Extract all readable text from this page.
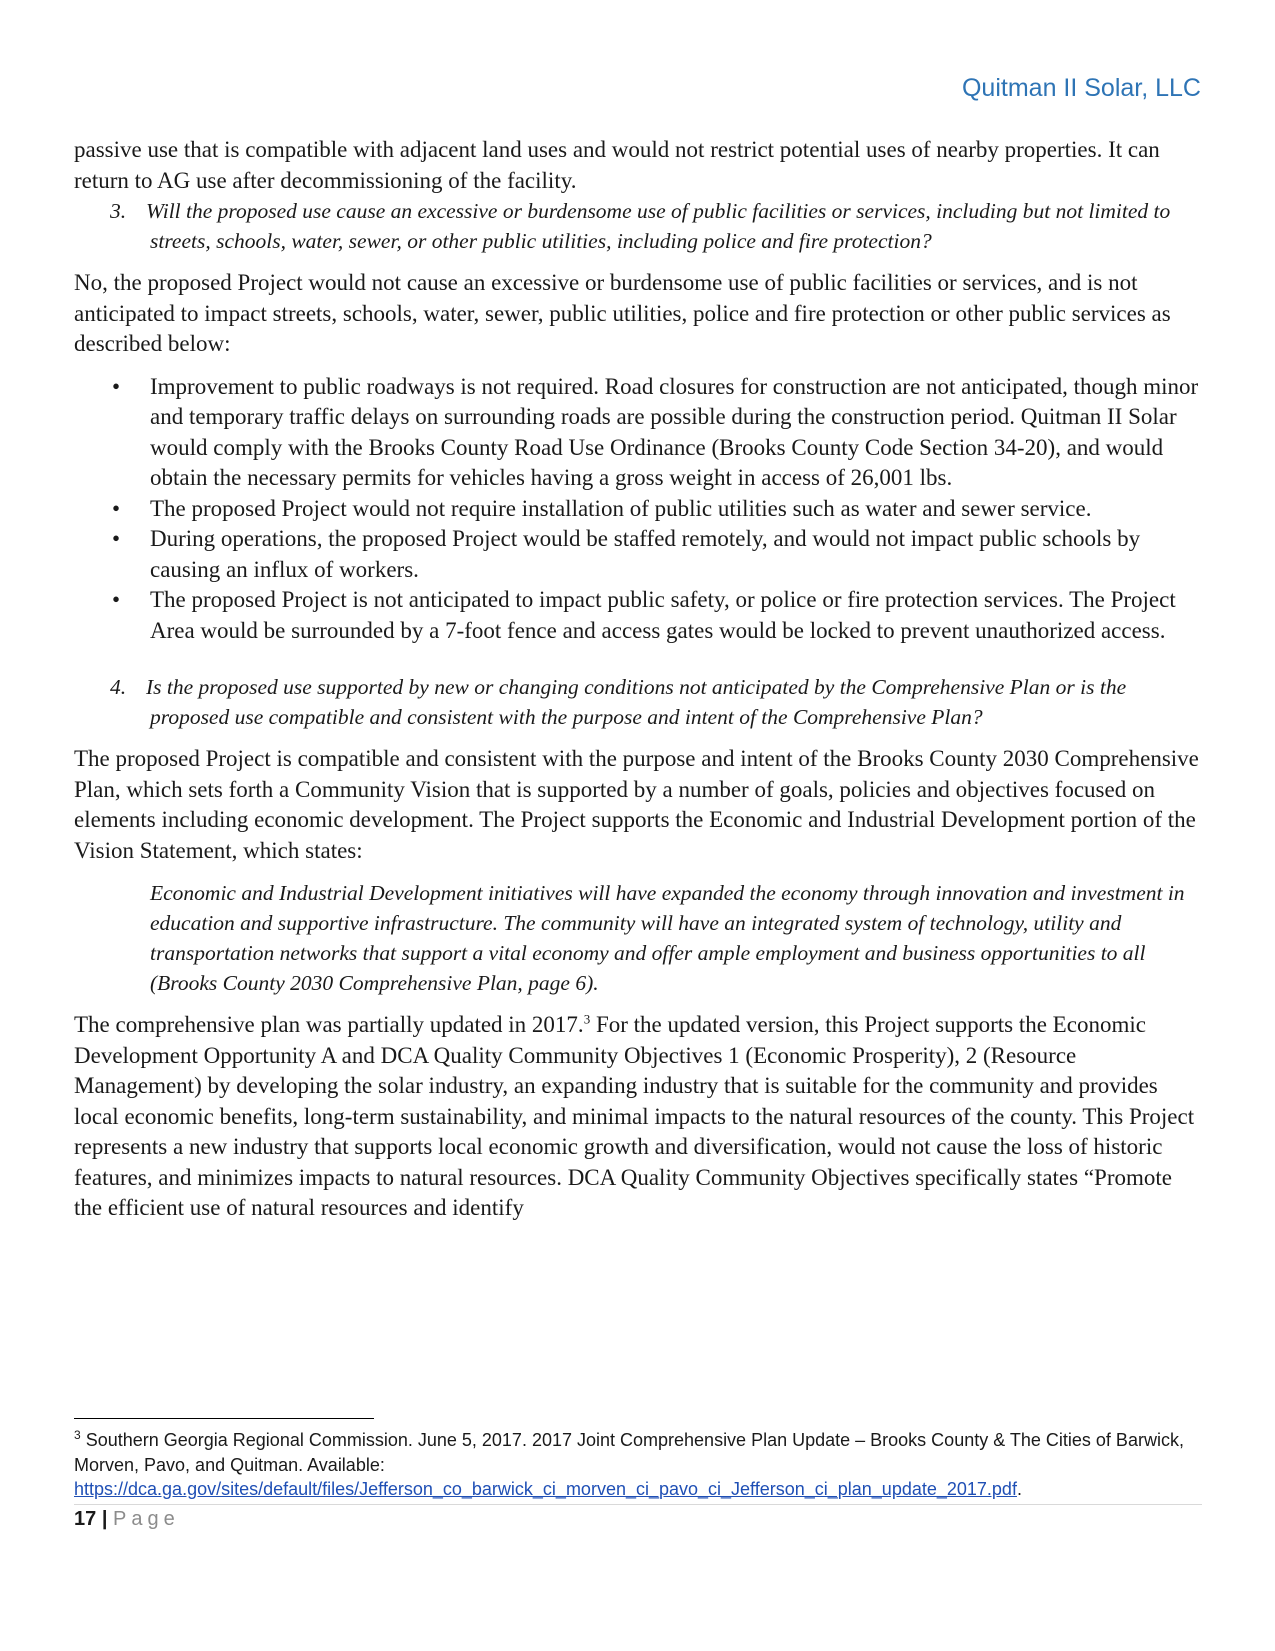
Quitman II Solar, LLC

passive use that is compatible with adjacent land uses and would not restrict potential uses of nearby properties. It can return to AG use after decommissioning of the facility.

3. Will the proposed use cause an excessive or burdensome use of public facilities or services, including but not limited to streets, schools, water, sewer, or other public utilities, including police and fire protection?

No, the proposed Project would not cause an excessive or burdensome use of public facilities or services, and is not anticipated to impact streets, schools, water, sewer, public utilities, police and fire protection or other public services as described below:

• Improvement to public roadways is not required. Road closures for construction are not anticipated, though minor and temporary traffic delays on surrounding roads are possible during the construction period. Quitman II Solar would comply with the Brooks County Road Use Ordinance (Brooks County Code Section 34-20), and would obtain the necessary permits for vehicles having a gross weight in access of 26,001 lbs.
• The proposed Project would not require installation of public utilities such as water and sewer service.
• During operations, the proposed Project would be staffed remotely, and would not impact public schools by causing an influx of workers.
• The proposed Project is not anticipated to impact public safety, or police or fire protection services. The Project Area would be surrounded by a 7-foot fence and access gates would be locked to prevent unauthorized access.

4. Is the proposed use supported by new or changing conditions not anticipated by the Comprehensive Plan or is the proposed use compatible and consistent with the purpose and intent of the Comprehensive Plan?

The proposed Project is compatible and consistent with the purpose and intent of the Brooks County 2030 Comprehensive Plan, which sets forth a Community Vision that is supported by a number of goals, policies and objectives focused on elements including economic development. The Project supports the Economic and Industrial Development portion of the Vision Statement, which states:

Economic and Industrial Development initiatives will have expanded the economy through innovation and investment in education and supportive infrastructure. The community will have an integrated system of technology, utility and transportation networks that support a vital economy and offer ample employment and business opportunities to all (Brooks County 2030 Comprehensive Plan, page 6).

The comprehensive plan was partially updated in 2017.$^3$ For the updated version, this Project supports the Economic Development Opportunity A and DCA Quality Community Objectives 1 (Economic Prosperity), 2 (Resource Management) by developing the solar industry, an expanding industry that is suitable for the community and provides local economic benefits, long-term sustainability, and minimal impacts to the natural resources of the county. This Project represents a new industry that supports local economic growth and diversification, would not cause the loss of historic features, and minimizes impacts to natural resources. DCA Quality Community Objectives specifically states “Promote the efficient use of natural resources and identify

$^3$ Southern Georgia Regional Commission. June 5, 2017. 2017 Joint Comprehensive Plan Update – Brooks County & The Cities of Barwick, Morven, Pavo, and Quitman. Available:
https://dca.ga.gov/sites/default/files/Jefferson_co_barwick_ci_morven_ci_pavo_ci_Jefferson_ci_plan_update_2017.pdf.
17 | Page
